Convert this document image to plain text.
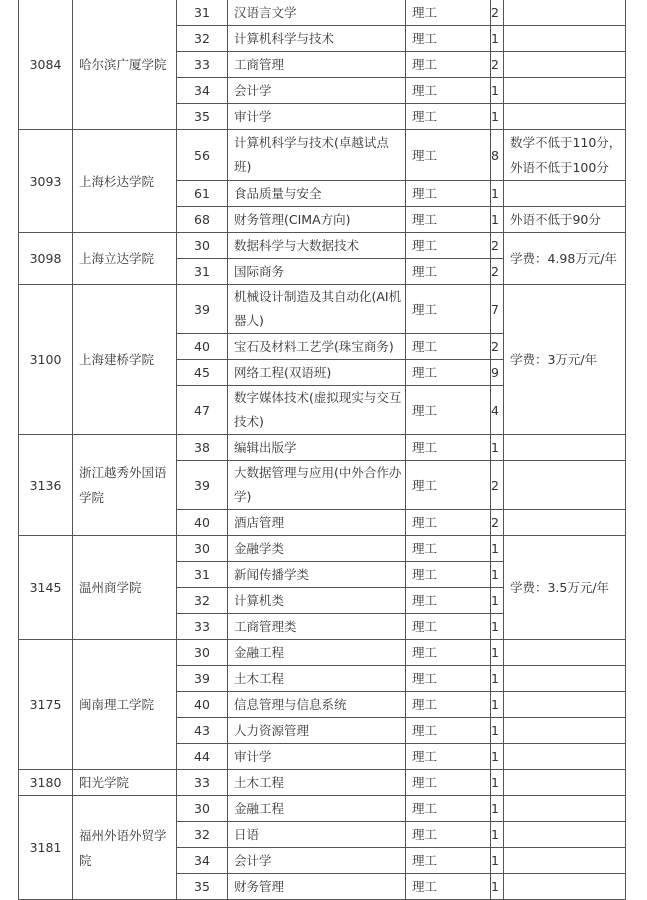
3084	哈尔滨广厦学院	31	汉语言文学	理工	2	
		32	计算机科学与技术	理工	1	
		33	工商管理	理工	2	
		34	会计学	理工	1	
		35	审计学	理工	1	
3093	上海杉达学院	56	计算机科学与技术(卓越试点班)	理工	8	数学不低于110分，外语不低于100分
		61	食品质量与安全	理工	1	
		68	财务管理(CIMA方向)	理工	1	外语不低于90分
3098	上海立达学院	30	数据科学与大数据技术	理工	2	学费：4.98万元/年
		31	国际商务	理工	2	
3100	上海建桥学院	39	机械设计制造及其自动化(AI机器人)	理工	7	学费：3万元/年
		40	宝石及材料工艺学(珠宝商务)	理工	2	
		45	网络工程(双语班)	理工	9	
		47	数字媒体技术(虚拟现实与交互技术)	理工	4	
3136	浙江越秀外国语学院	38	编辑出版学	理工	1	
		39	大数据管理与应用(中外合作办学)	理工	2	
		40	酒店管理	理工	2	
3145	温州商学院	30	金融学类	理工	1	学费：3.5万元/年
		31	新闻传播学类	理工	1	
		32	计算机类	理工	1	
		33	工商管理类	理工	1	
3175	闽南理工学院	30	金融工程	理工	1	
		39	土木工程	理工	1	
		40	信息管理与信息系统	理工	1	
		43	人力资源管理	理工	1	
		44	审计学	理工	1	
3180	阳光学院	33	土木工程	理工	1	
3181	福州外语外贸学院	30	金融工程	理工	1	
		32	日语	理工	1	
		34	会计学	理工	1	
		35	财务管理	理工	1	
